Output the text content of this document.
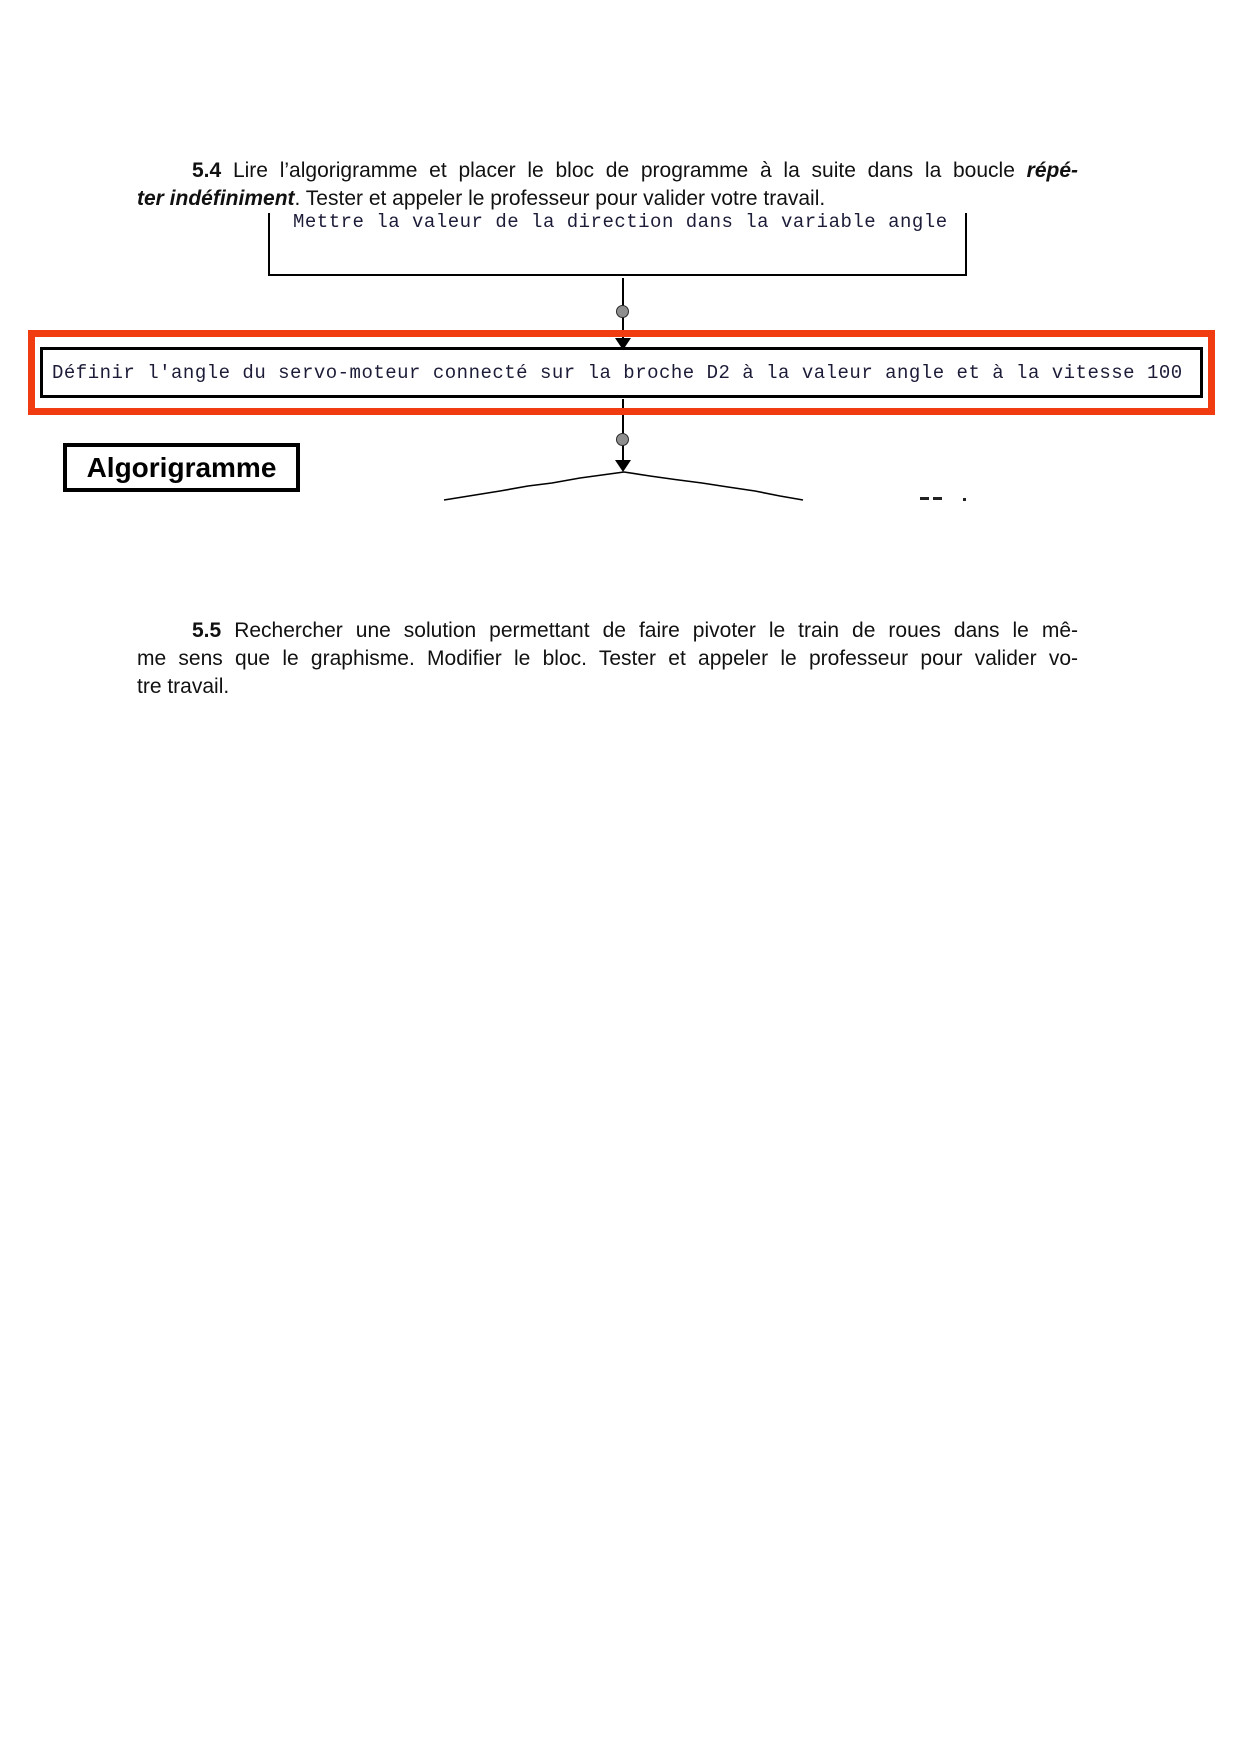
5.4 Lire l’algorigramme et placer le bloc de programme à la suite dans la boucle répé-
ter indéfiniment. Tester et appeler le professeur pour valider votre travail.

Mettre la valeur de la direction dans la variable angle
Définir l'angle du servo-moteur connecté sur la broche D2 à la valeur angle et à la vitesse 100
Algorigramme

5.5 Rechercher une solution permettant de faire pivoter le train de roues dans le mê-
me sens que le graphisme. Modifier le bloc. Tester et appeler le professeur pour valider vo-
tre travail.
